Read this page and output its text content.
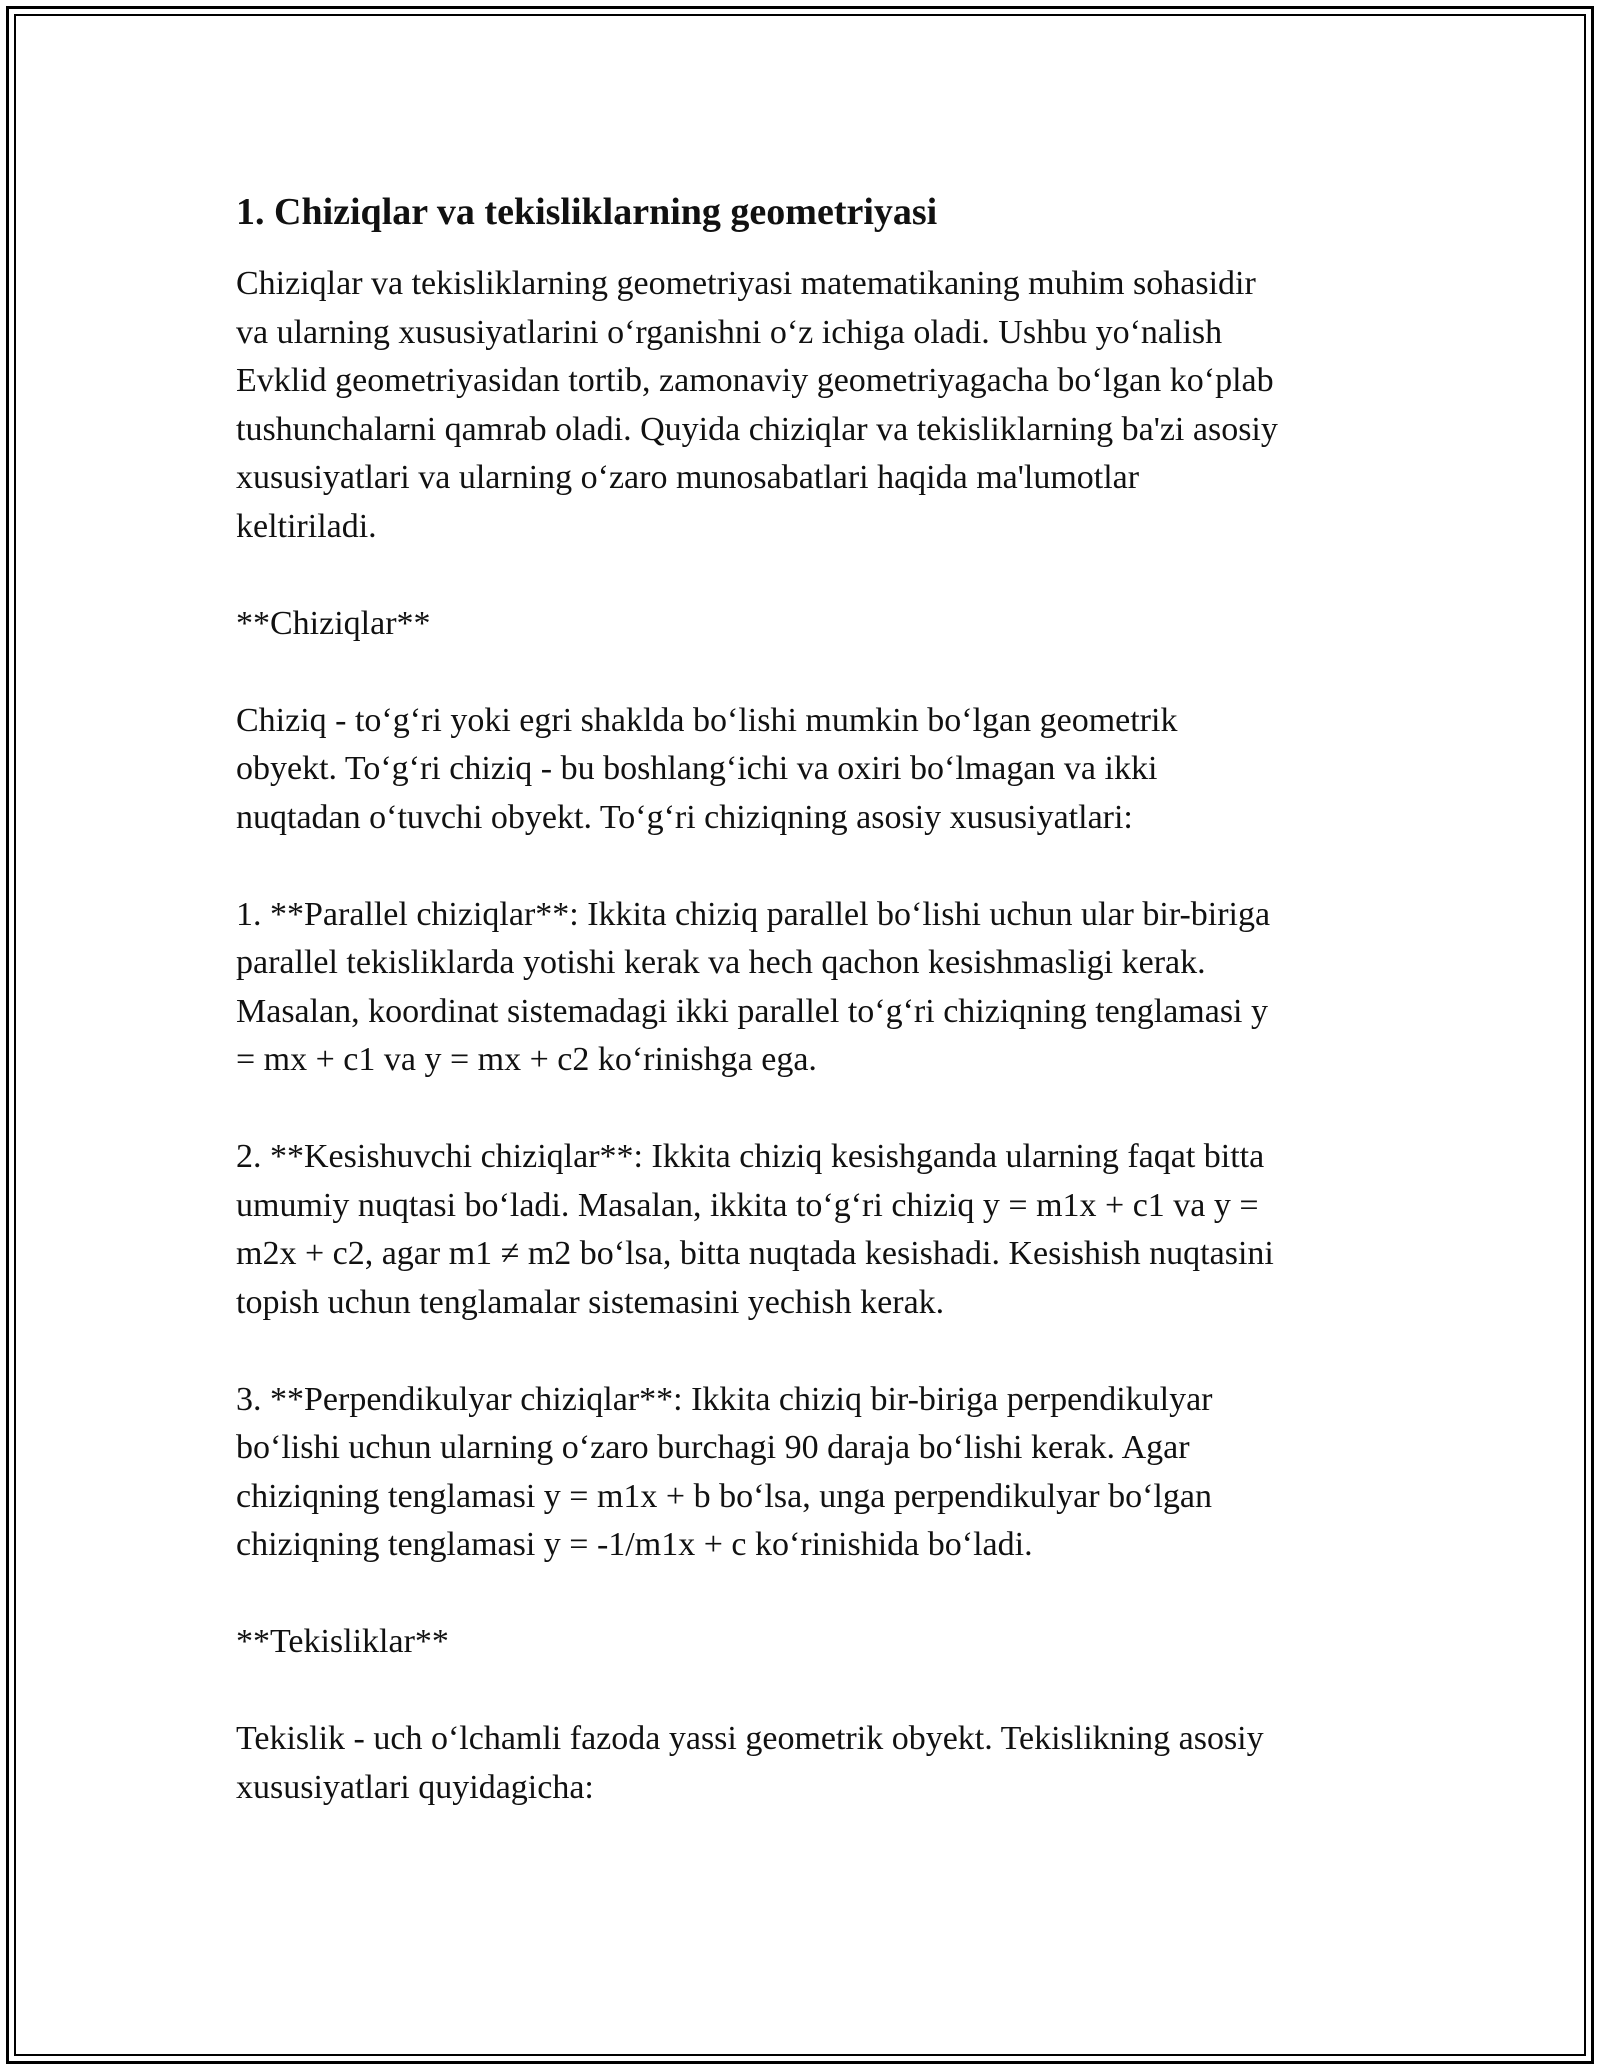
1. Chiziqlar va tekisliklarning geometriyasi

Chiziqlar va tekisliklarning geometriyasi matematikaning muhim sohasidir
va ularning xususiyatlarini o‘rganishni o‘z ichiga oladi. Ushbu yo‘nalish
Evklid geometriyasidan tortib, zamonaviy geometriyagacha bo‘lgan ko‘plab
tushunchalarni qamrab oladi. Quyida chiziqlar va tekisliklarning ba'zi asosiy
xususiyatlari va ularning o‘zaro munosabatlari haqida ma'lumotlar
keltiriladi.

**Chiziqlar**

Chiziq - to‘g‘ri yoki egri shaklda bo‘lishi mumkin bo‘lgan geometrik
obyekt. To‘g‘ri chiziq - bu boshlang‘ichi va oxiri bo‘lmagan va ikki
nuqtadan o‘tuvchi obyekt. To‘g‘ri chiziqning asosiy xususiyatlari:

1. **Parallel chiziqlar**: Ikkita chiziq parallel bo‘lishi uchun ular bir-biriga
parallel tekisliklarda yotishi kerak va hech qachon kesishmasligi kerak.
Masalan, koordinat sistemadagi ikki parallel to‘g‘ri chiziqning tenglamasi y
= mx + c1 va y = mx + c2 ko‘rinishga ega.

2. **Kesishuvchi chiziqlar**: Ikkita chiziq kesishganda ularning faqat bitta
umumiy nuqtasi bo‘ladi. Masalan, ikkita to‘g‘ri chiziq y = m1x + c1 va y =
m2x + c2, agar m1 ≠ m2 bo‘lsa, bitta nuqtada kesishadi. Kesishish nuqtasini
topish uchun tenglamalar sistemasini yechish kerak.

3. **Perpendikulyar chiziqlar**: Ikkita chiziq bir-biriga perpendikulyar
bo‘lishi uchun ularning o‘zaro burchagi 90 daraja bo‘lishi kerak. Agar
chiziqning tenglamasi y = m1x + b bo‘lsa, unga perpendikulyar bo‘lgan
chiziqning tenglamasi y = -1/m1x + c ko‘rinishida bo‘ladi.

**Tekisliklar**

Tekislik - uch o‘lchamli fazoda yassi geometrik obyekt. Tekislikning asosiy
xususiyatlari quyidagicha:
